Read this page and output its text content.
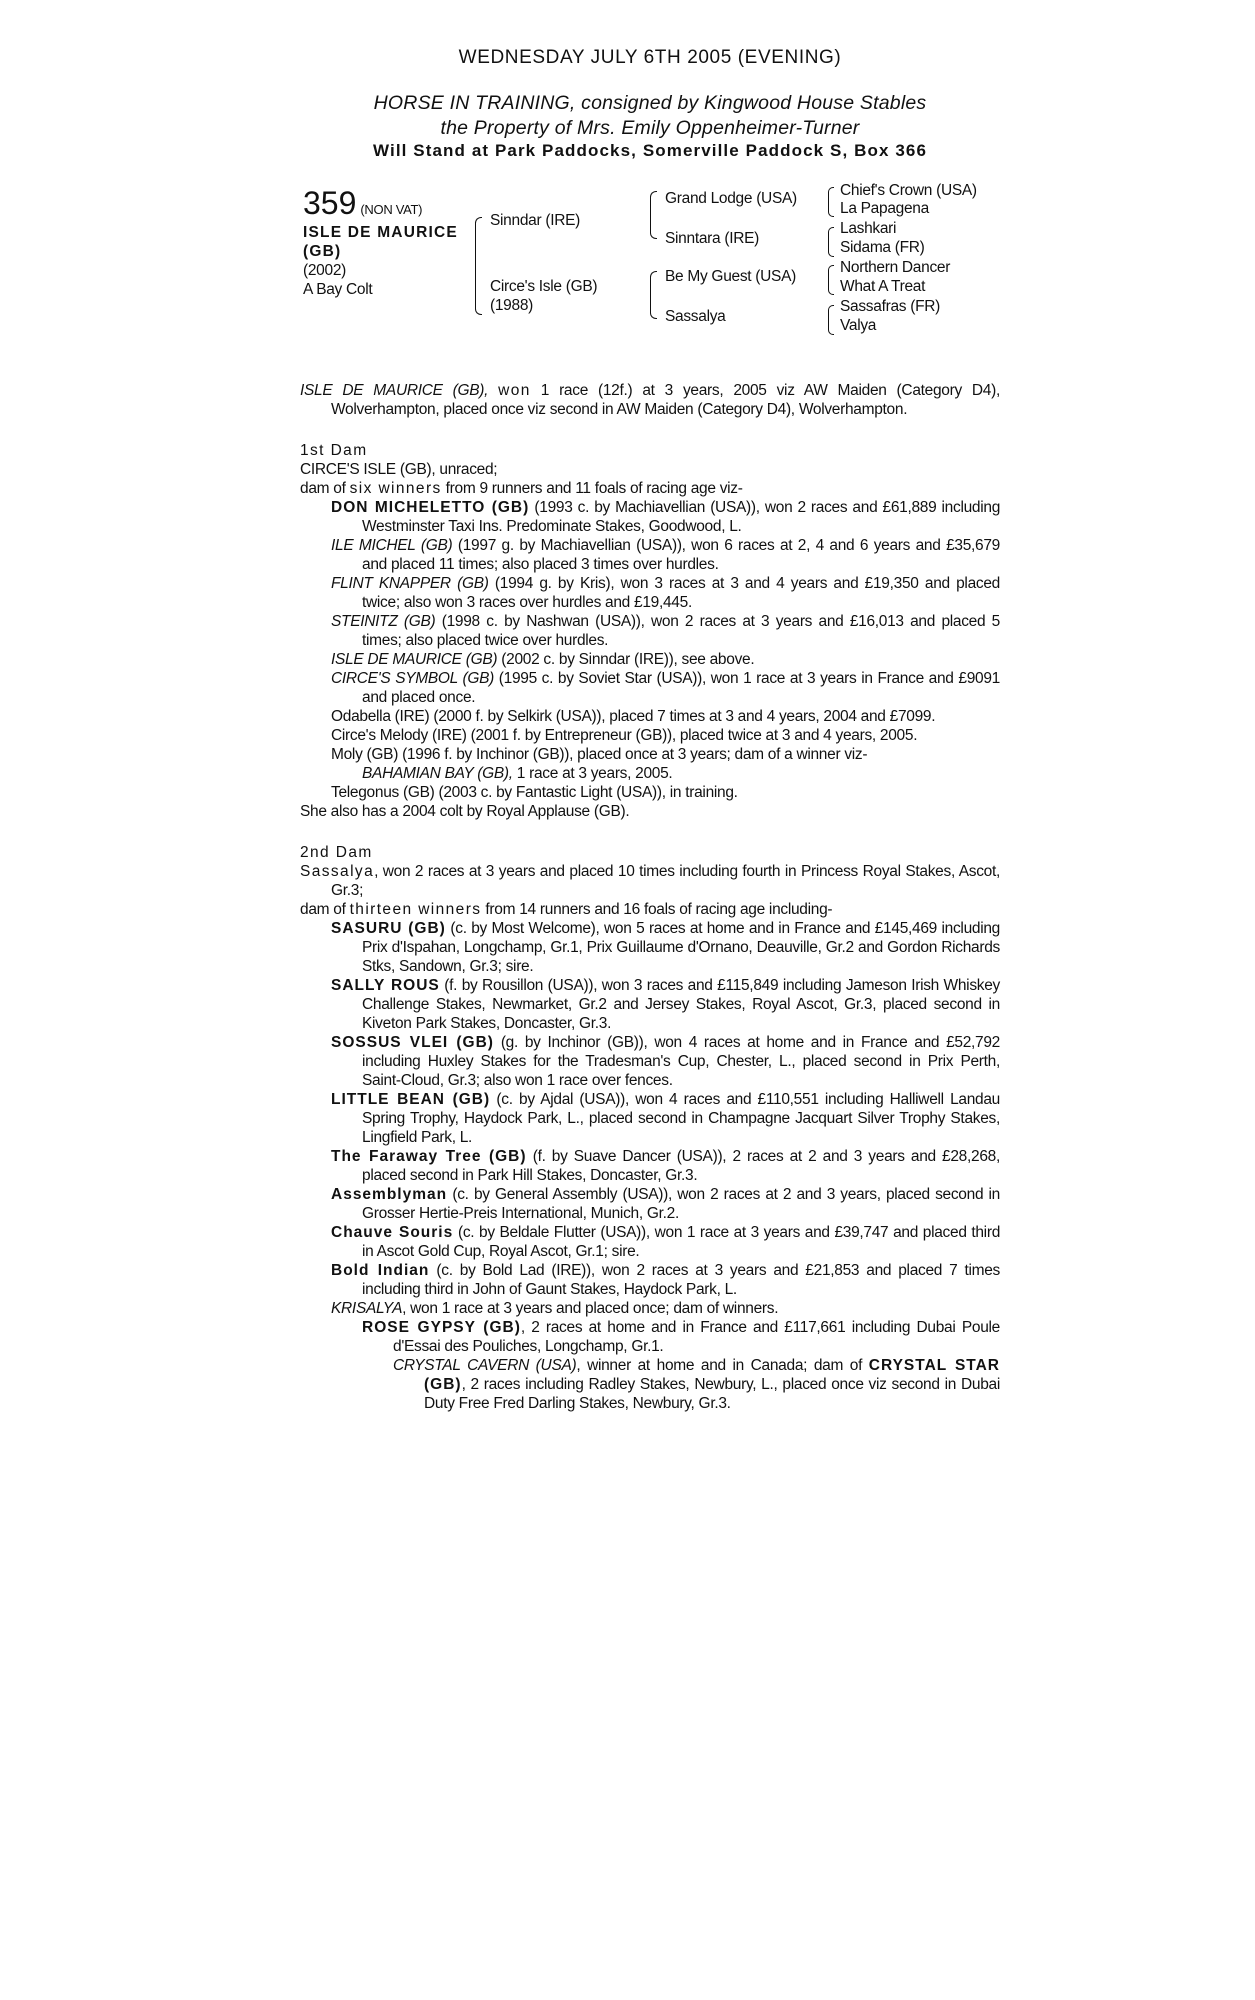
WEDNESDAY JULY 6TH 2005 (EVENING)
HORSE IN TRAINING, consigned by Kingwood House Stables
the Property of Mrs. Emily Oppenheimer-Turner
Will Stand at Park Paddocks, Somerville Paddock S, Box 366
359 (NON VAT)
ISLE DE MAURICE
(GB)
(2002)
A Bay Colt
Sinndar (IRE)
Circe's Isle (GB)
(1988)
Grand Lodge (USA)
Sinntara (IRE)
Be My Guest (USA)
Sassalya
Chief's Crown (USA)
La Papagena
Lashkari
Sidama (FR)
Northern Dancer
What A Treat
Sassafras (FR)
Valya
ISLE DE MAURICE (GB), won 1 race (12f.) at 3 years, 2005 viz AW Maiden (Category D4), Wolverhampton, placed once viz second in AW Maiden (Category D4), Wolverhampton.
1st Dam
CIRCE'S ISLE (GB), unraced;
dam of six winners from 9 runners and 11 foals of racing age viz-
DON MICHELETTO (GB) (1993 c. by Machiavellian (USA)), won 2 races and £61,889 including Westminster Taxi Ins. Predominate Stakes, Goodwood, L.
ILE MICHEL (GB) (1997 g. by Machiavellian (USA)), won 6 races at 2, 4 and 6 years and £35,679 and placed 11 times; also placed 3 times over hurdles.
FLINT KNAPPER (GB) (1994 g. by Kris), won 3 races at 3 and 4 years and £19,350 and placed twice; also won 3 races over hurdles and £19,445.
STEINITZ (GB) (1998 c. by Nashwan (USA)), won 2 races at 3 years and £16,013 and placed 5 times; also placed twice over hurdles.
ISLE DE MAURICE (GB) (2002 c. by Sinndar (IRE)), see above.
CIRCE'S SYMBOL (GB) (1995 c. by Soviet Star (USA)), won 1 race at 3 years in France and £9091 and placed once.
Odabella (IRE) (2000 f. by Selkirk (USA)), placed 7 times at 3 and 4 years, 2004 and £7099.
Circe's Melody (IRE) (2001 f. by Entrepreneur (GB)), placed twice at 3 and 4 years, 2005.
Moly (GB) (1996 f. by Inchinor (GB)), placed once at 3 years; dam of a winner viz-
BAHAMIAN BAY (GB), 1 race at 3 years, 2005.
Telegonus (GB) (2003 c. by Fantastic Light (USA)), in training.
She also has a 2004 colt by Royal Applause (GB).
2nd Dam
Sassalya, won 2 races at 3 years and placed 10 times including fourth in Princess Royal Stakes, Ascot, Gr.3;
dam of thirteen winners from 14 runners and 16 foals of racing age including-
SASURU (GB) (c. by Most Welcome), won 5 races at home and in France and £145,469 including Prix d'Ispahan, Longchamp, Gr.1, Prix Guillaume d'Ornano, Deauville, Gr.2 and Gordon Richards Stks, Sandown, Gr.3; sire.
SALLY ROUS (f. by Rousillon (USA)), won 3 races and £115,849 including Jameson Irish Whiskey Challenge Stakes, Newmarket, Gr.2 and Jersey Stakes, Royal Ascot, Gr.3, placed second in Kiveton Park Stakes, Doncaster, Gr.3.
SOSSUS VLEI (GB) (g. by Inchinor (GB)), won 4 races at home and in France and £52,792 including Huxley Stakes for the Tradesman's Cup, Chester, L., placed second in Prix Perth, Saint-Cloud, Gr.3; also won 1 race over fences.
LITTLE BEAN (GB) (c. by Ajdal (USA)), won 4 races and £110,551 including Halliwell Landau Spring Trophy, Haydock Park, L., placed second in Champagne Jacquart Silver Trophy Stakes, Lingfield Park, L.
The Faraway Tree (GB) (f. by Suave Dancer (USA)), 2 races at 2 and 3 years and £28,268, placed second in Park Hill Stakes, Doncaster, Gr.3.
Assemblyman (c. by General Assembly (USA)), won 2 races at 2 and 3 years, placed second in Grosser Hertie-Preis International, Munich, Gr.2.
Chauve Souris (c. by Beldale Flutter (USA)), won 1 race at 3 years and £39,747 and placed third in Ascot Gold Cup, Royal Ascot, Gr.1; sire.
Bold Indian (c. by Bold Lad (IRE)), won 2 races at 3 years and £21,853 and placed 7 times including third in John of Gaunt Stakes, Haydock Park, L.
KRISALYA, won 1 race at 3 years and placed once; dam of winners.
ROSE GYPSY (GB), 2 races at home and in France and £117,661 including Dubai Poule d'Essai des Pouliches, Longchamp, Gr.1.
CRYSTAL CAVERN (USA), winner at home and in Canada; dam of CRYSTAL STAR (GB), 2 races including Radley Stakes, Newbury, L., placed once viz second in Dubai Duty Free Fred Darling Stakes, Newbury, Gr.3.
